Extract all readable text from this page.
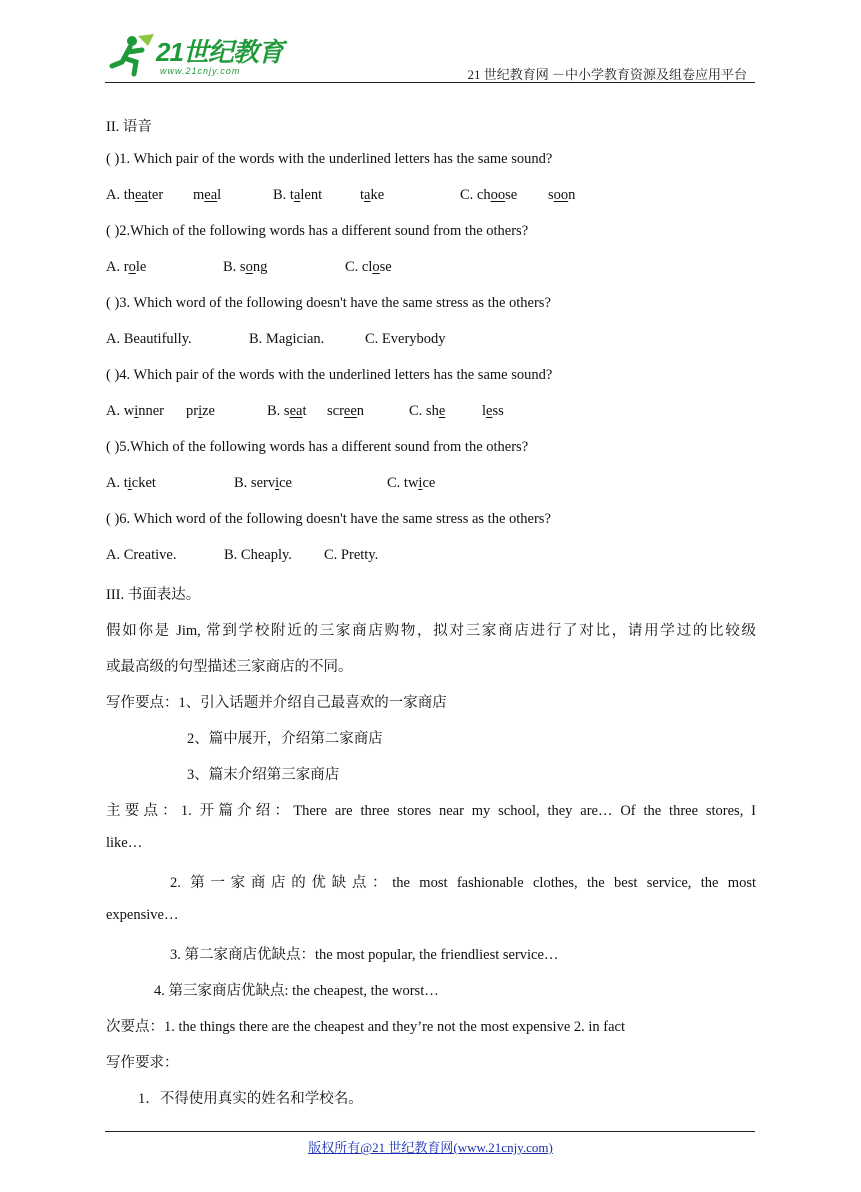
21世纪教育
www.21cnjy.com	21 世纪教育网 －中小学教育资源及组卷应用平台
II. 语音
( )1. Which pair of the words with the underlined letters has the same sound?
A. theater meal	B. talent	take	C. choose soon
( )2.Which of the following words has a different sound from the others?
A. role	B. song	C. close
( )3. Which word of the following doesn't have the same stress as the others?
A. Beautifully.	B. Magician.	C. Everybody
( )4. Which pair of the words with the underlined letters has the same sound?
A. winner prize	B. seat screen	C. she	less
( )5.Which of the following words has a different sound from the others?
A. ticket	B. service	C. twice
( )6. Which word of the following doesn't have the same stress as the others?
A. Creative.	B. Cheaply. C. Pretty.
III. 书面表达。
假如你是 Jim, 常到学校附近的三家商店购物，拟对三家商店进行了对比，请用学过的比较级
或最高级的句型描述三家商店的不同。
写作要点：1、引入话题并介绍自己最喜欢的一家商店
2、篇中展开，介绍第二家商店
3、篇末介绍第三家商店
主要点：1. 开篇介绍：There are three stores near my school, they are… Of the three stores, I
like…
2. 第一家商店的优缺点：the most fashionable clothes, the best service, the most
expensive…
3. 第二家商店优缺点：the most popular, the friendliest service…
4. 第三家商店优缺点: the cheapest, the worst…
次要点：1. the things there are the cheapest and they’re not the most expensive 2. in fact
写作要求：
1．不得使用真实的姓名和学校名。
版权所有@21 世纪教育网(www.21cnjy.com)
